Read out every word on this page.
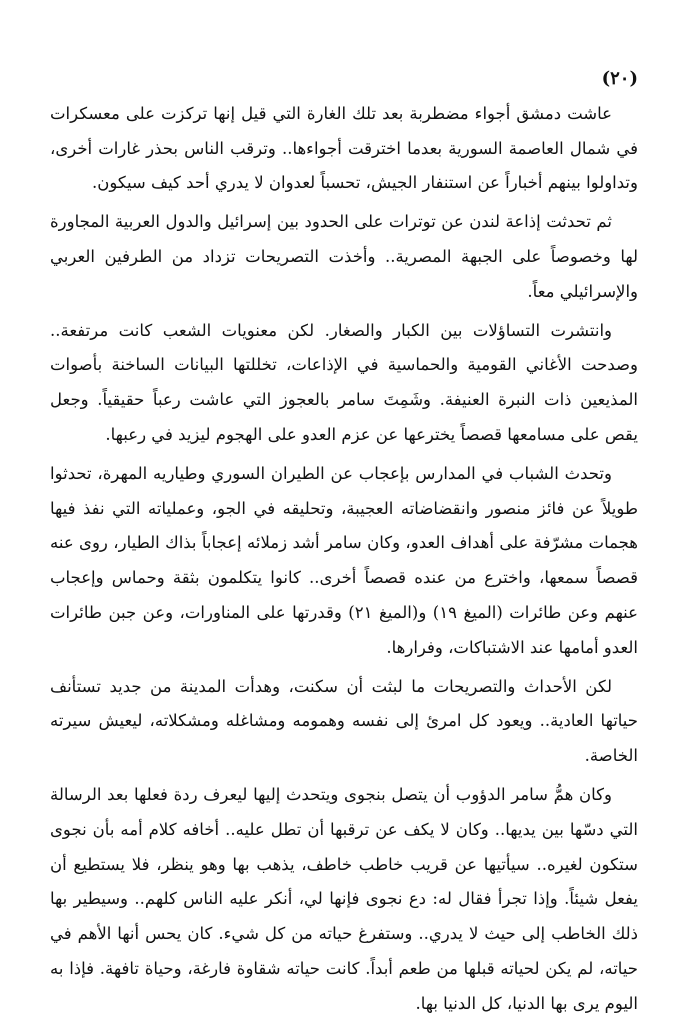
(٢٠)

عاشت دمشق أجواء مضطربة بعد تلك الغارة التي قيل إنها تركزت على معسكرات في شمال العاصمة السورية بعدما اخترقت أجواءها.. وترقب الناس بحذر غارات أخرى، وتداولوا بينهم أخباراً عن استنفار الجيش، تحسباً لعدوان لا يدري أحد كيف سيكون.

ثم تحدثت إذاعة لندن عن توترات على الحدود بين إسرائيل والدول العربية المجاورة لها وخصوصاً على الجبهة المصرية.. وأخذت التصريحات تزداد من الطرفين العربي والإسرائيلي معاً.

وانتشرت التساؤلات بين الكبار والصغار. لكن معنويات الشعب كانت مرتفعة.. وصدحت الأغاني القومية والحماسية في الإذاعات، تخللتها البيانات الساخنة بأصوات المذيعين ذات النبرة العنيفة. وشَمِتَ سامر بالعجوز التي عاشت رعباً حقيقياً. وجعل يقص على مسامعها قصصاً يخترعها عن عزم العدو على الهجوم ليزيد في رعبها.

وتحدث الشباب في المدارس بإعجاب عن الطيران السوري وطياريه المهرة، تحدثوا طويلاً عن فائز منصور وانقضاضاته العجيبة، وتحليقه في الجو، وعملياته التي نفذ فيها هجمات مشرّفة على أهداف العدو، وكان سامر أشد زملائه إعجاباً بذاك الطيار، روى عنه قصصاً سمعها، واخترع من عنده قصصاً أخرى.. كانوا يتكلمون بثقة وحماس وإعجاب عنهم وعن طائرات (الميغ ١٩) و(الميغ ٢١) وقدرتها على المناورات، وعن جبن طائرات العدو أمامها عند الاشتباكات، وفرارها.

لكن الأحداث والتصريحات ما لبثت أن سكنت، وهدأت المدينة من جديد تستأنف حياتها العادية.. ويعود كل امرئ إلى نفسه وهمومه ومشاغله ومشكلاته، ليعيش سيرته الخاصة.

وكان همُّ سامر الدؤوب أن يتصل بنجوى ويتحدث إليها ليعرف ردة فعلها بعد الرسالة التي دسّها بين يديها.. وكان لا يكف عن ترقبها أن تطل عليه.. أخافه كلام أمه بأن نجوى ستكون لغيره.. سيأتيها عن قريب خاطب خاطف، يذهب بها وهو ينظر، فلا يستطيع أن يفعل شيئاً. وإذا تجرأ فقال له: دع نجوى فإنها لي، أنكر عليه الناس كلهم.. وسيطير بها ذلك الخاطب إلى حيث لا يدري.. وستفرغ حياته من كل شيء. كان يحس أنها الأهم في حياته، لم يكن لحياته قبلها من طعم أبداً. كانت حياته شقاوة فارغة، وحياة تافهة. فإذا به اليوم يرى بها الدنيا، كل الدنيا بها.
